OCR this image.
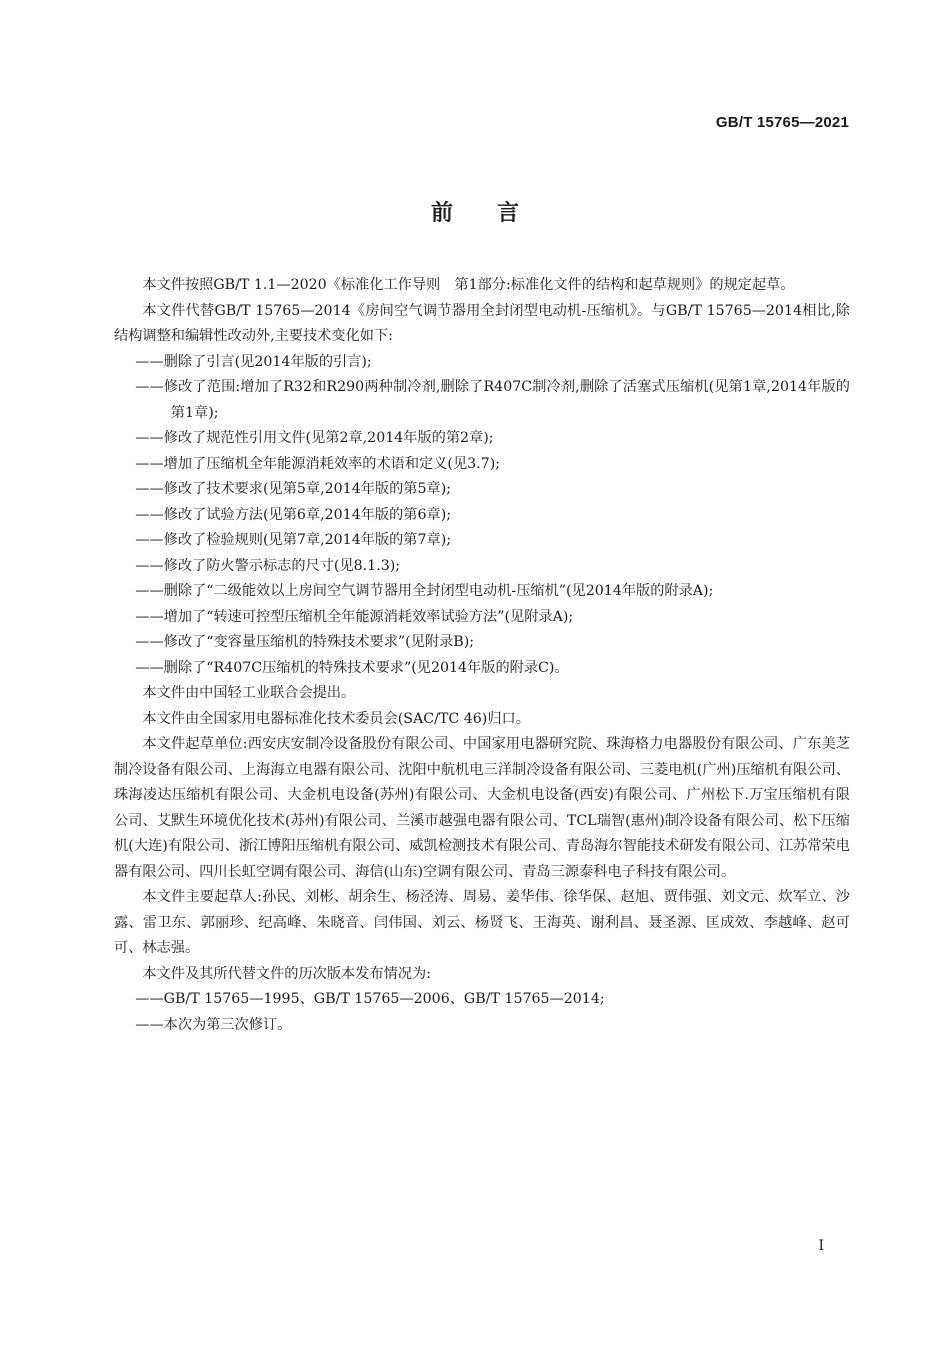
GB/T 15765—2021
前言

本文件按照GB/T 1.1—2020《标准化工作导则　第1部分:标准化文件的结构和起草规则》的规定起草。

本文件代替GB/T 15765—2014《房间空气调节器用全封闭型电动机-压缩机》。与GB/T 15765—2014相比,除结构调整和编辑性改动外,主要技术变化如下:

——删除了引言(见2014年版的引言);

——修改了范围:增加了R32和R290两种制冷剂,删除了R407C制冷剂,删除了活塞式压缩机(见第1章,2014年版的第1章);

——修改了规范性引用文件(见第2章,2014年版的第2章);

——增加了压缩机全年能源消耗效率的术语和定义(见3.7);

——修改了技术要求(见第5章,2014年版的第5章);

——修改了试验方法(见第6章,2014年版的第6章);

——修改了检验规则(见第7章,2014年版的第7章);

——修改了防火警示标志的尺寸(见8.1.3);

——删除了“二级能效以上房间空气调节器用全封闭型电动机-压缩机”(见2014年版的附录A);

——增加了“转速可控型压缩机全年能源消耗效率试验方法”(见附录A);

——修改了“变容量压缩机的特殊技术要求”(见附录B);

——删除了“R407C压缩机的特殊技术要求”(见2014年版的附录C)。

本文件由中国轻工业联合会提出。

本文件由全国家用电器标准化技术委员会(SAC/TC 46)归口。

本文件起草单位:西安庆安制冷设备股份有限公司、中国家用电器研究院、珠海格力电器股份有限公司、广东美芝制冷设备有限公司、上海海立电器有限公司、沈阳中航机电三洋制冷设备有限公司、三菱电机(广州)压缩机有限公司、珠海凌达压缩机有限公司、大金机电设备(苏州)有限公司、大金机电设备(西安)有限公司、广州松下.万宝压缩机有限公司、艾默生环境优化技术(苏州)有限公司、兰溪市越强电器有限公司、TCL瑞智(惠州)制冷设备有限公司、松下压缩机(大连)有限公司、浙江博阳压缩机有限公司、威凯检测技术有限公司、青岛海尔智能技术研发有限公司、江苏常荣电器有限公司、四川长虹空调有限公司、海信(山东)空调有限公司、青岛三源泰科电子科技有限公司。

本文件主要起草人:孙民、刘彬、胡余生、杨泾涛、周易、姜华伟、徐华保、赵旭、贾伟强、刘文元、炊军立、沙露、雷卫东、郭丽珍、纪高峰、朱晓音、闫伟国、刘云、杨贤飞、王海英、谢利昌、聂圣源、匡成效、李越峰、赵可可、林志强。

本文件及其所代替文件的历次版本发布情况为:

——GB/T 15765—1995、GB/T 15765—2006、GB/T 15765—2014;

——本次为第三次修订。

I
